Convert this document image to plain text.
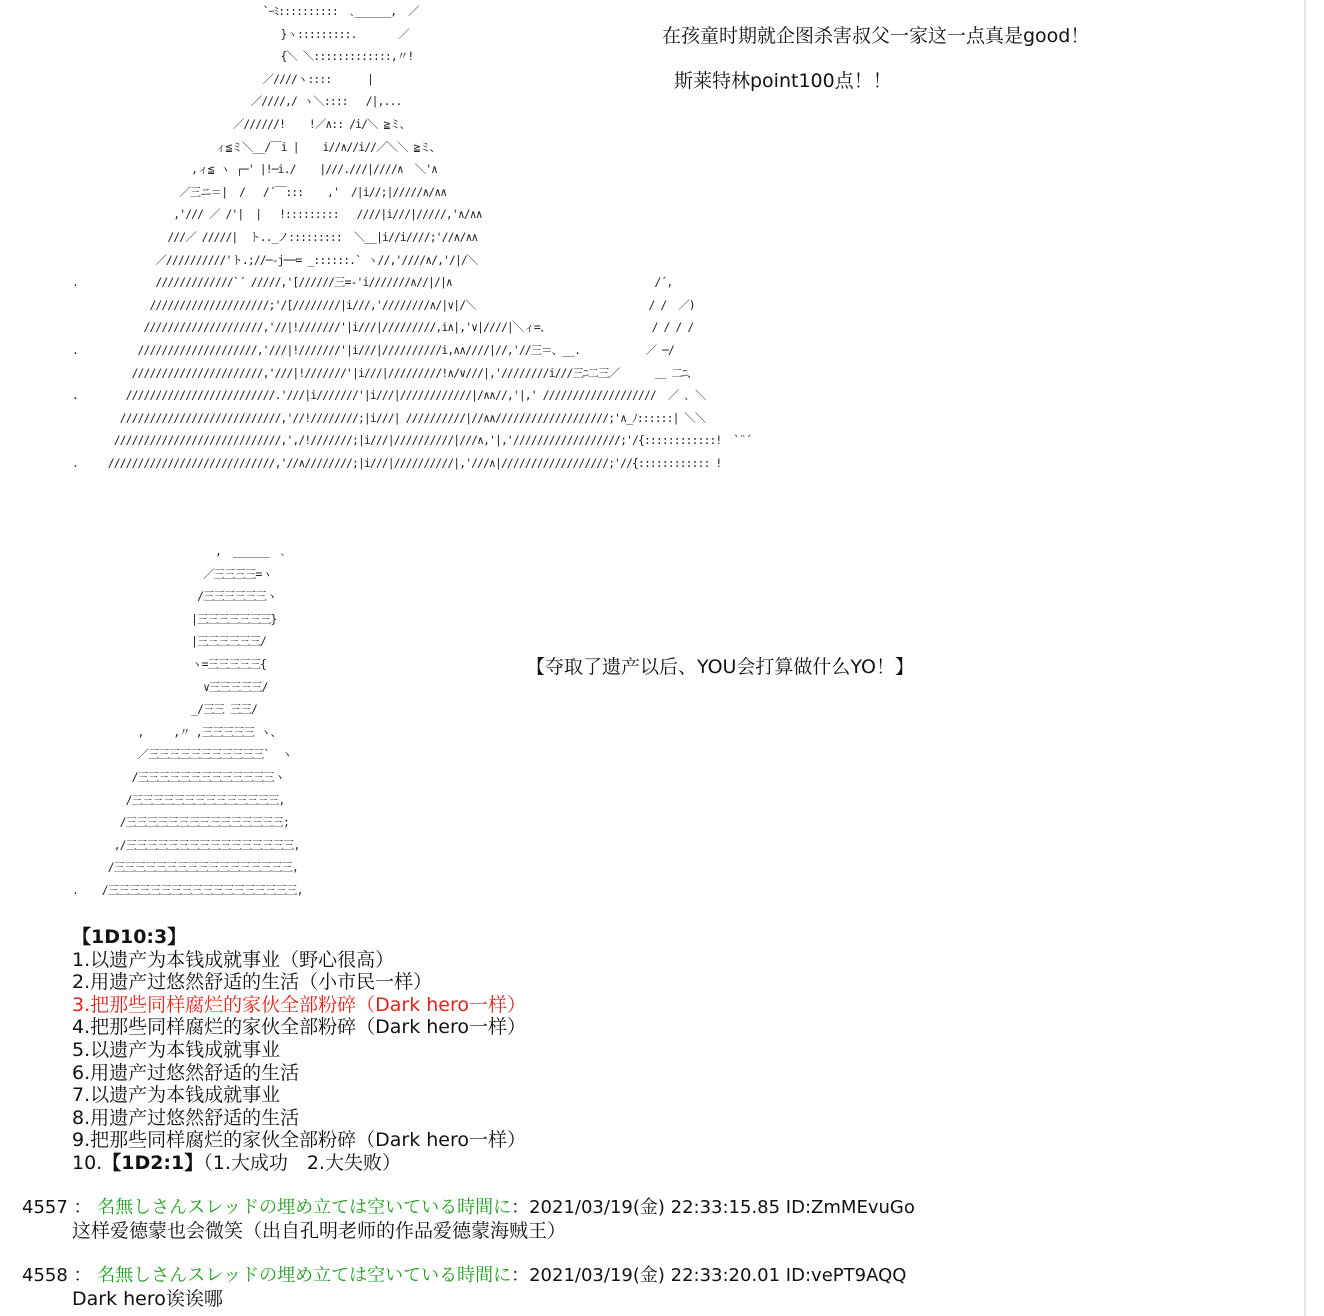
`ｰﾐ::::::::::  ､______,  ／
}ヽ:::::::::.       ／
{＼ ＼:::::::::::::,〃!
／////ヽ::::      |
／////,/ ヽ＼::::   /|,...
／//////!    !／∧:: /i/＼ ≧ミ、
ィ≦ミ＼__/￣i |    i//∧//i//／＼＼ ≧ミ、
,ィ≦ ヽ ┌─' |!─i./    |///.///|////∧  ＼'∧
／三ニ＝|  /   /´￣:::    ,'  /|i//;|/////∧/∧∧
,'/// ／ /'|  |   !:::::::::   ////|i///|/////,'∧/∧∧
///／ /////|  ト.._ノ:::::::::  ＼__|i//i////;'//∧/∧∧
／//////////'ト.;//─-j──= _::::::.` ヽ//,'////∧/,'/|/＼
.             /////////////`´ /////,'[//////三=‐'i///////∧//|/|∧                                  /´,
////////////////////;'/[////////|i///,'////////∧/|∨|/＼                             / /  ／)
////////////////////,'//|!///////'|i///|/////////,i∧|,'∨|////|＼ィ=、                 / / / /
.          ////////////////////,'///|!///////'|i///|//////////i,∧∧////|//,'//三＝、__.           ／ ─/
//////////////////////,'///|!///////'|i///|/////////!∧/∨///|,'////////i///三ﾆ二三／      ＿ 二ﾆ、
.        /////////////////////////.'///|i///////'|i///|////////////|/∧∧//,'|,' ///////////////////  ／ ､ ＼
///////////////////////////,'//!////////;|i///| //////////|//∧∧///////////////////;'∧_ﾉ::::::| ＼＼
////////////////////////////,',/!///////;|i///|//////////|///∧,'|,'//////////////////;'/{::::::::::::!  `¨´
.     ////////////////////////////,'//∧////////;|i///|//////////|,'///∧|//////////////////;'//{:::::::::::: !
,  ______  ､
／三三三三=ヽ
/三三三三三三ヽ
|三三三三三三三}
|三三三三三三/
ヽ=三三三三三{
∨三三三三三/
_/三三 三三/
,     ,〃 ,三三三三三 ヽ、
／三三三三三三三三三三三`  ヽ
/三三三三三三三三三三三三三ヽ
/三三三三三三三三三三三三三三,
/三三三三三三三三三三三三三三三;
,/三三三三三三三三三三三三三三三三,
/三三三三三三三三三三三三三三三三三,
.    /三三三三三三三三三三三三三三三三三三,
在孩童时期就企图杀害叔父一家这一点真是good！
斯莱特林point100点！！
【夺取了遗产以后、YOU会打算做什么YO！】
【1D10:3】
1.以遗产为本钱成就事业（野心很高）
2.用遗产过悠然舒适的生活（小市民一样）
3.把那些同样腐烂的家伙全部粉碎（Dark hero一样）
4.把那些同样腐烂的家伙全部粉碎（Dark hero一样）
5.以遗产为本钱成就事业
6.用遗产过悠然舒适的生活
7.以遗产为本钱成就事业
8.用遗产过悠然舒适的生活
9.把那些同样腐烂的家伙全部粉碎（Dark hero一样）
10.【1D2:1】（1.大成功　2.大失败）
4557 ： 名無しさんスレッドの埋め立ては空いている時間に：2021/03/19(金) 22:33:15.85 ID:ZmMEvuGo
这样爱德蒙也会微笑（出自孔明老师的作品爱德蒙海贼王）
4558 ： 名無しさんスレッドの埋め立ては空いている時間に：2021/03/19(金) 22:33:20.01 ID:vePT9AQQ
Dark hero诶诶哪
